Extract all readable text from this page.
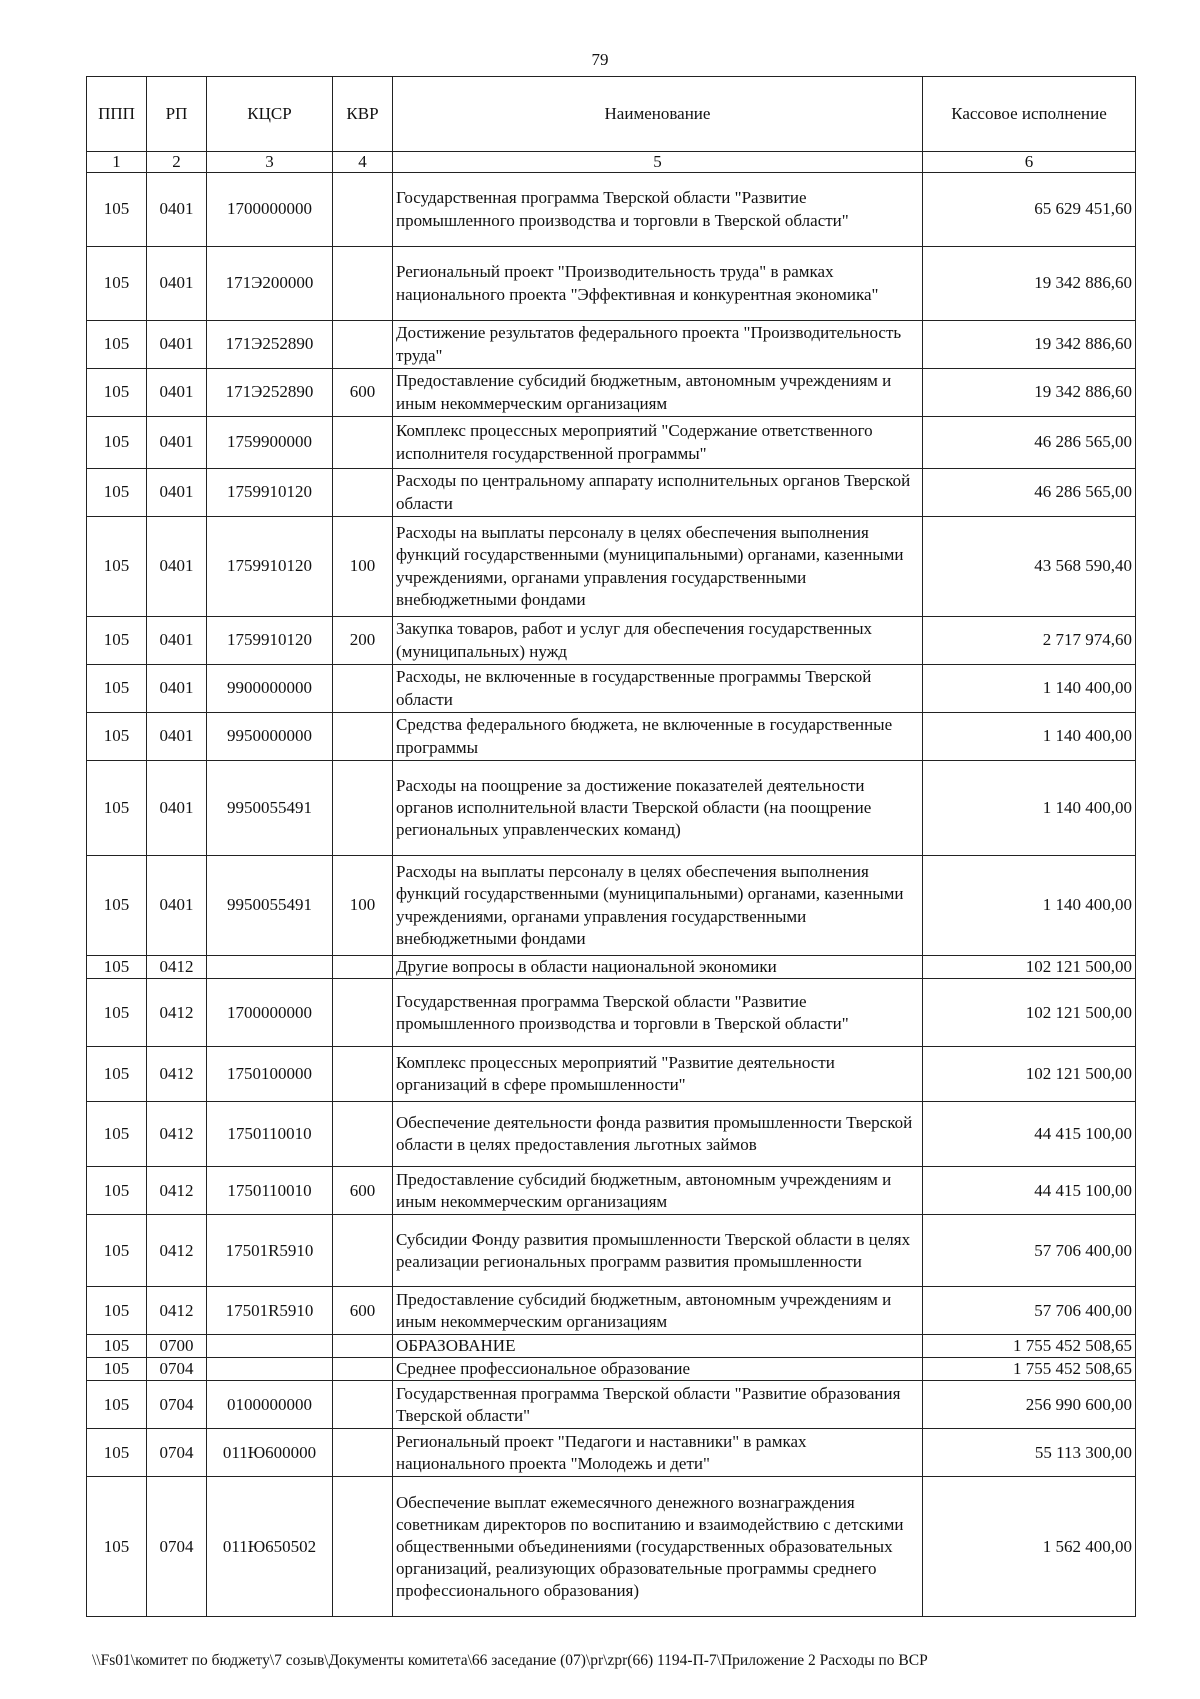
79
ППП	РП	КЦСР	КВР	Наименование	Кассовое исполнение
1	2	3	4	5	6
105	0401	1700000000		Государственная программа Тверской области "Развитие промышленного производства и торговли в Тверской области"	65 629 451,60
105	0401	171Э200000		Региональный проект "Производительность труда" в рамках национального проекта "Эффективная и конкурентная экономика"	19 342 886,60
105	0401	171Э252890		Достижение результатов федерального проекта "Производительность труда"	19 342 886,60
105	0401	171Э252890	600	Предоставление субсидий бюджетным, автономным учреждениям и иным некоммерческим организациям	19 342 886,60
105	0401	1759900000		Комплекс процессных мероприятий "Содержание ответственного исполнителя государственной программы"	46 286 565,00
105	0401	1759910120		Расходы по центральному аппарату исполнительных органов Тверской области	46 286 565,00
105	0401	1759910120	100	Расходы на выплаты персоналу в целях обеспечения выполнения функций государственными (муниципальными) органами, казенными учреждениями, органами управления государственными внебюджетными фондами	43 568 590,40
105	0401	1759910120	200	Закупка товаров, работ и услуг для обеспечения государственных (муниципальных) нужд	2 717 974,60
105	0401	9900000000		Расходы, не включенные в государственные программы Тверской области	1 140 400,00
105	0401	9950000000		Средства федерального бюджета, не включенные в государственные программы	1 140 400,00
105	0401	9950055491		Расходы на поощрение за достижение показателей деятельности органов исполнительной власти Тверской области (на поощрение региональных управленческих команд)	1 140 400,00
105	0401	9950055491	100	Расходы на выплаты персоналу в целях обеспечения выполнения функций государственными (муниципальными) органами, казенными учреждениями, органами управления государственными внебюджетными фондами	1 140 400,00
105	0412			Другие вопросы в области национальной экономики	102 121 500,00
105	0412	1700000000		Государственная программа Тверской области "Развитие промышленного производства и торговли в Тверской области"	102 121 500,00
105	0412	1750100000		Комплекс процессных мероприятий "Развитие деятельности организаций в сфере промышленности"	102 121 500,00
105	0412	1750110010		Обеспечение деятельности фонда развития промышленности Тверской области в целях предоставления льготных займов	44 415 100,00
105	0412	1750110010	600	Предоставление субсидий бюджетным, автономным учреждениям и иным некоммерческим организациям	44 415 100,00
105	0412	17501R5910		Субсидии Фонду развития промышленности Тверской области в целях реализации региональных программ развития промышленности	57 706 400,00
105	0412	17501R5910	600	Предоставление субсидий бюджетным, автономным учреждениям и иным некоммерческим организациям	57 706 400,00
105	0700			ОБРАЗОВАНИЕ	1 755 452 508,65
105	0704			Среднее профессиональное образование	1 755 452 508,65
105	0704	0100000000		Государственная программа Тверской области "Развитие образования Тверской области"	256 990 600,00
105	0704	011Ю600000		Региональный проект "Педагоги и наставники" в рамках национального проекта "Молодежь и дети"	55 113 300,00
105	0704	011Ю650502		Обеспечение выплат ежемесячного денежного вознаграждения советникам директоров по воспитанию и взаимодействию с детскими общественными объединениями (государственных образовательных организаций, реализующих образовательные программы среднего профессионального образования)	1 562 400,00
\\Fs01\комитет по бюджету\7 созыв\Документы комитета\66 заседание (07)\pr\zpr(66) 1194-П-7\Приложение 2 Расходы по ВСР
